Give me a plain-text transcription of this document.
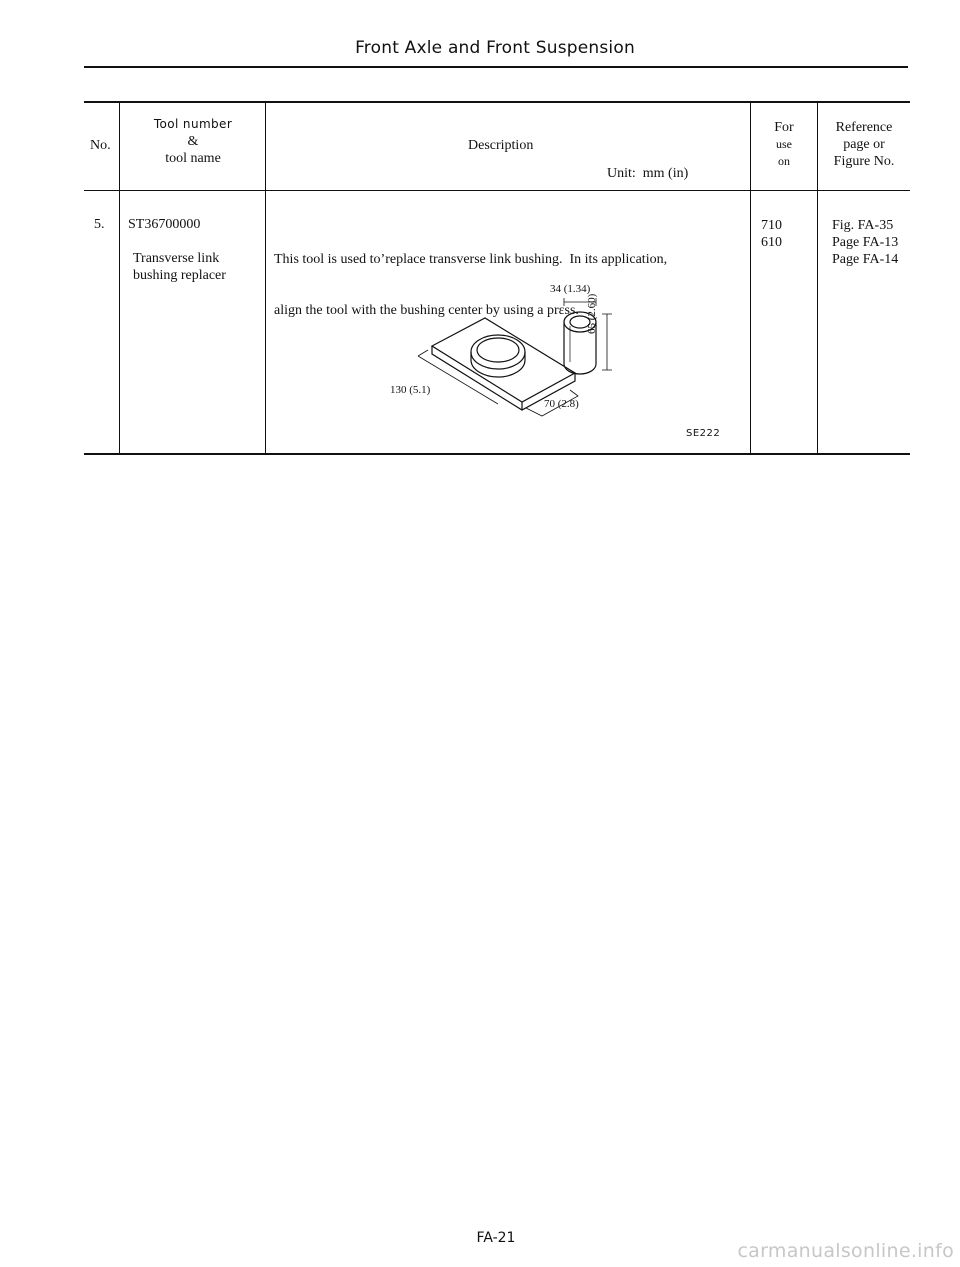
Front Axle and Front Suspension
No.
Tool number
&
tool name
Description
Unit:  mm (in)
For
use
on
Reference
page or
Figure No.
5. ST36700000
Transverse link
bushing replacer

This tool is used to’replace transverse link bushing.  In its application,

align the tool with the bushing center by using a prεss.

710
610
Fig. FA-35
Page FA-13
Page FA-14
34 (1.34)
65 (2.60)
130 (5.1)
70 (2.8)
SE222
FA-21
carmanualsonline.info
